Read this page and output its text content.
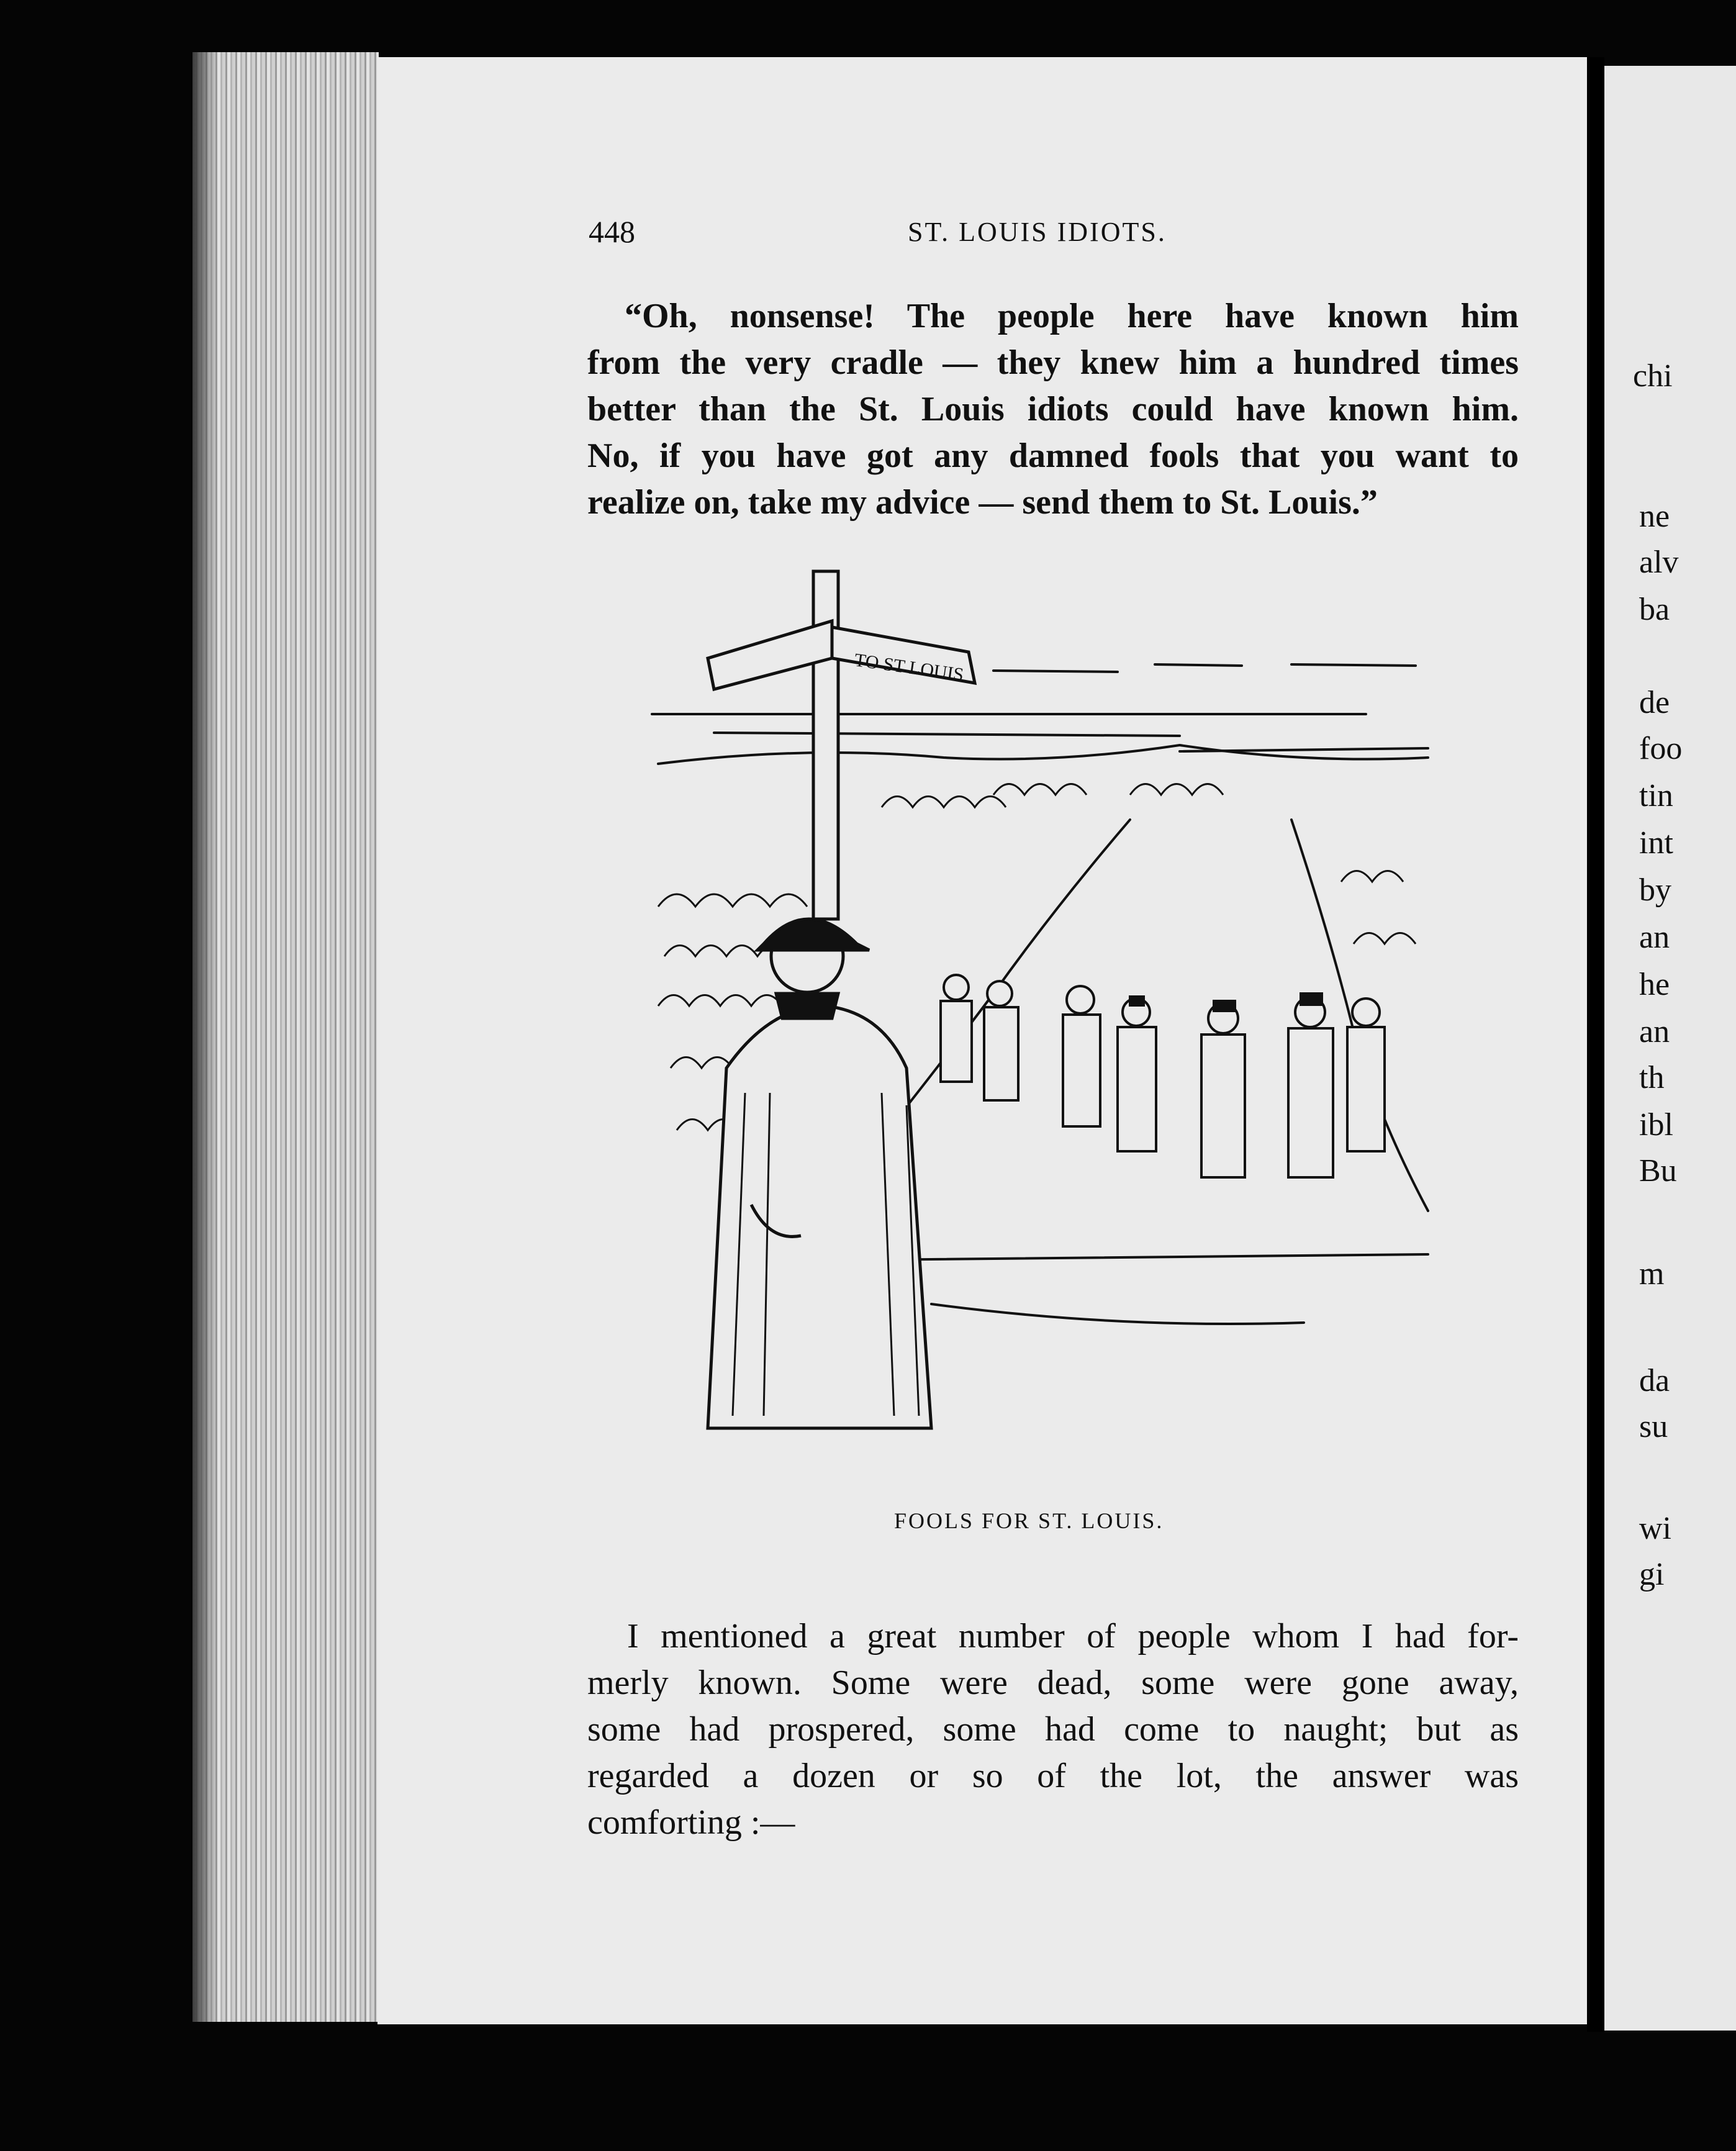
chi
ne
alv
ba
de
foo
tin
int
by
an
he
an
th
ibl
Bu
m
da
su
wi
gi
448	ST. LOUIS IDIOTS.
“Oh, nonsense! The people here have known him
from the very cradle — they knew him a hundred times
better than the St. Louis idiots could have known him.
No, if you have got any damned fools that you want to
realize on, take my advice — send them to St. Louis.”
TO ST LOUIS
FOOLS FOR ST. LOUIS.
I mentioned a great number of people whom I had for-
merly known. Some were dead, some were gone away,
some had prospered, some had come to naught; but as
regarded a dozen or so of the lot, the answer was
comforting :—
